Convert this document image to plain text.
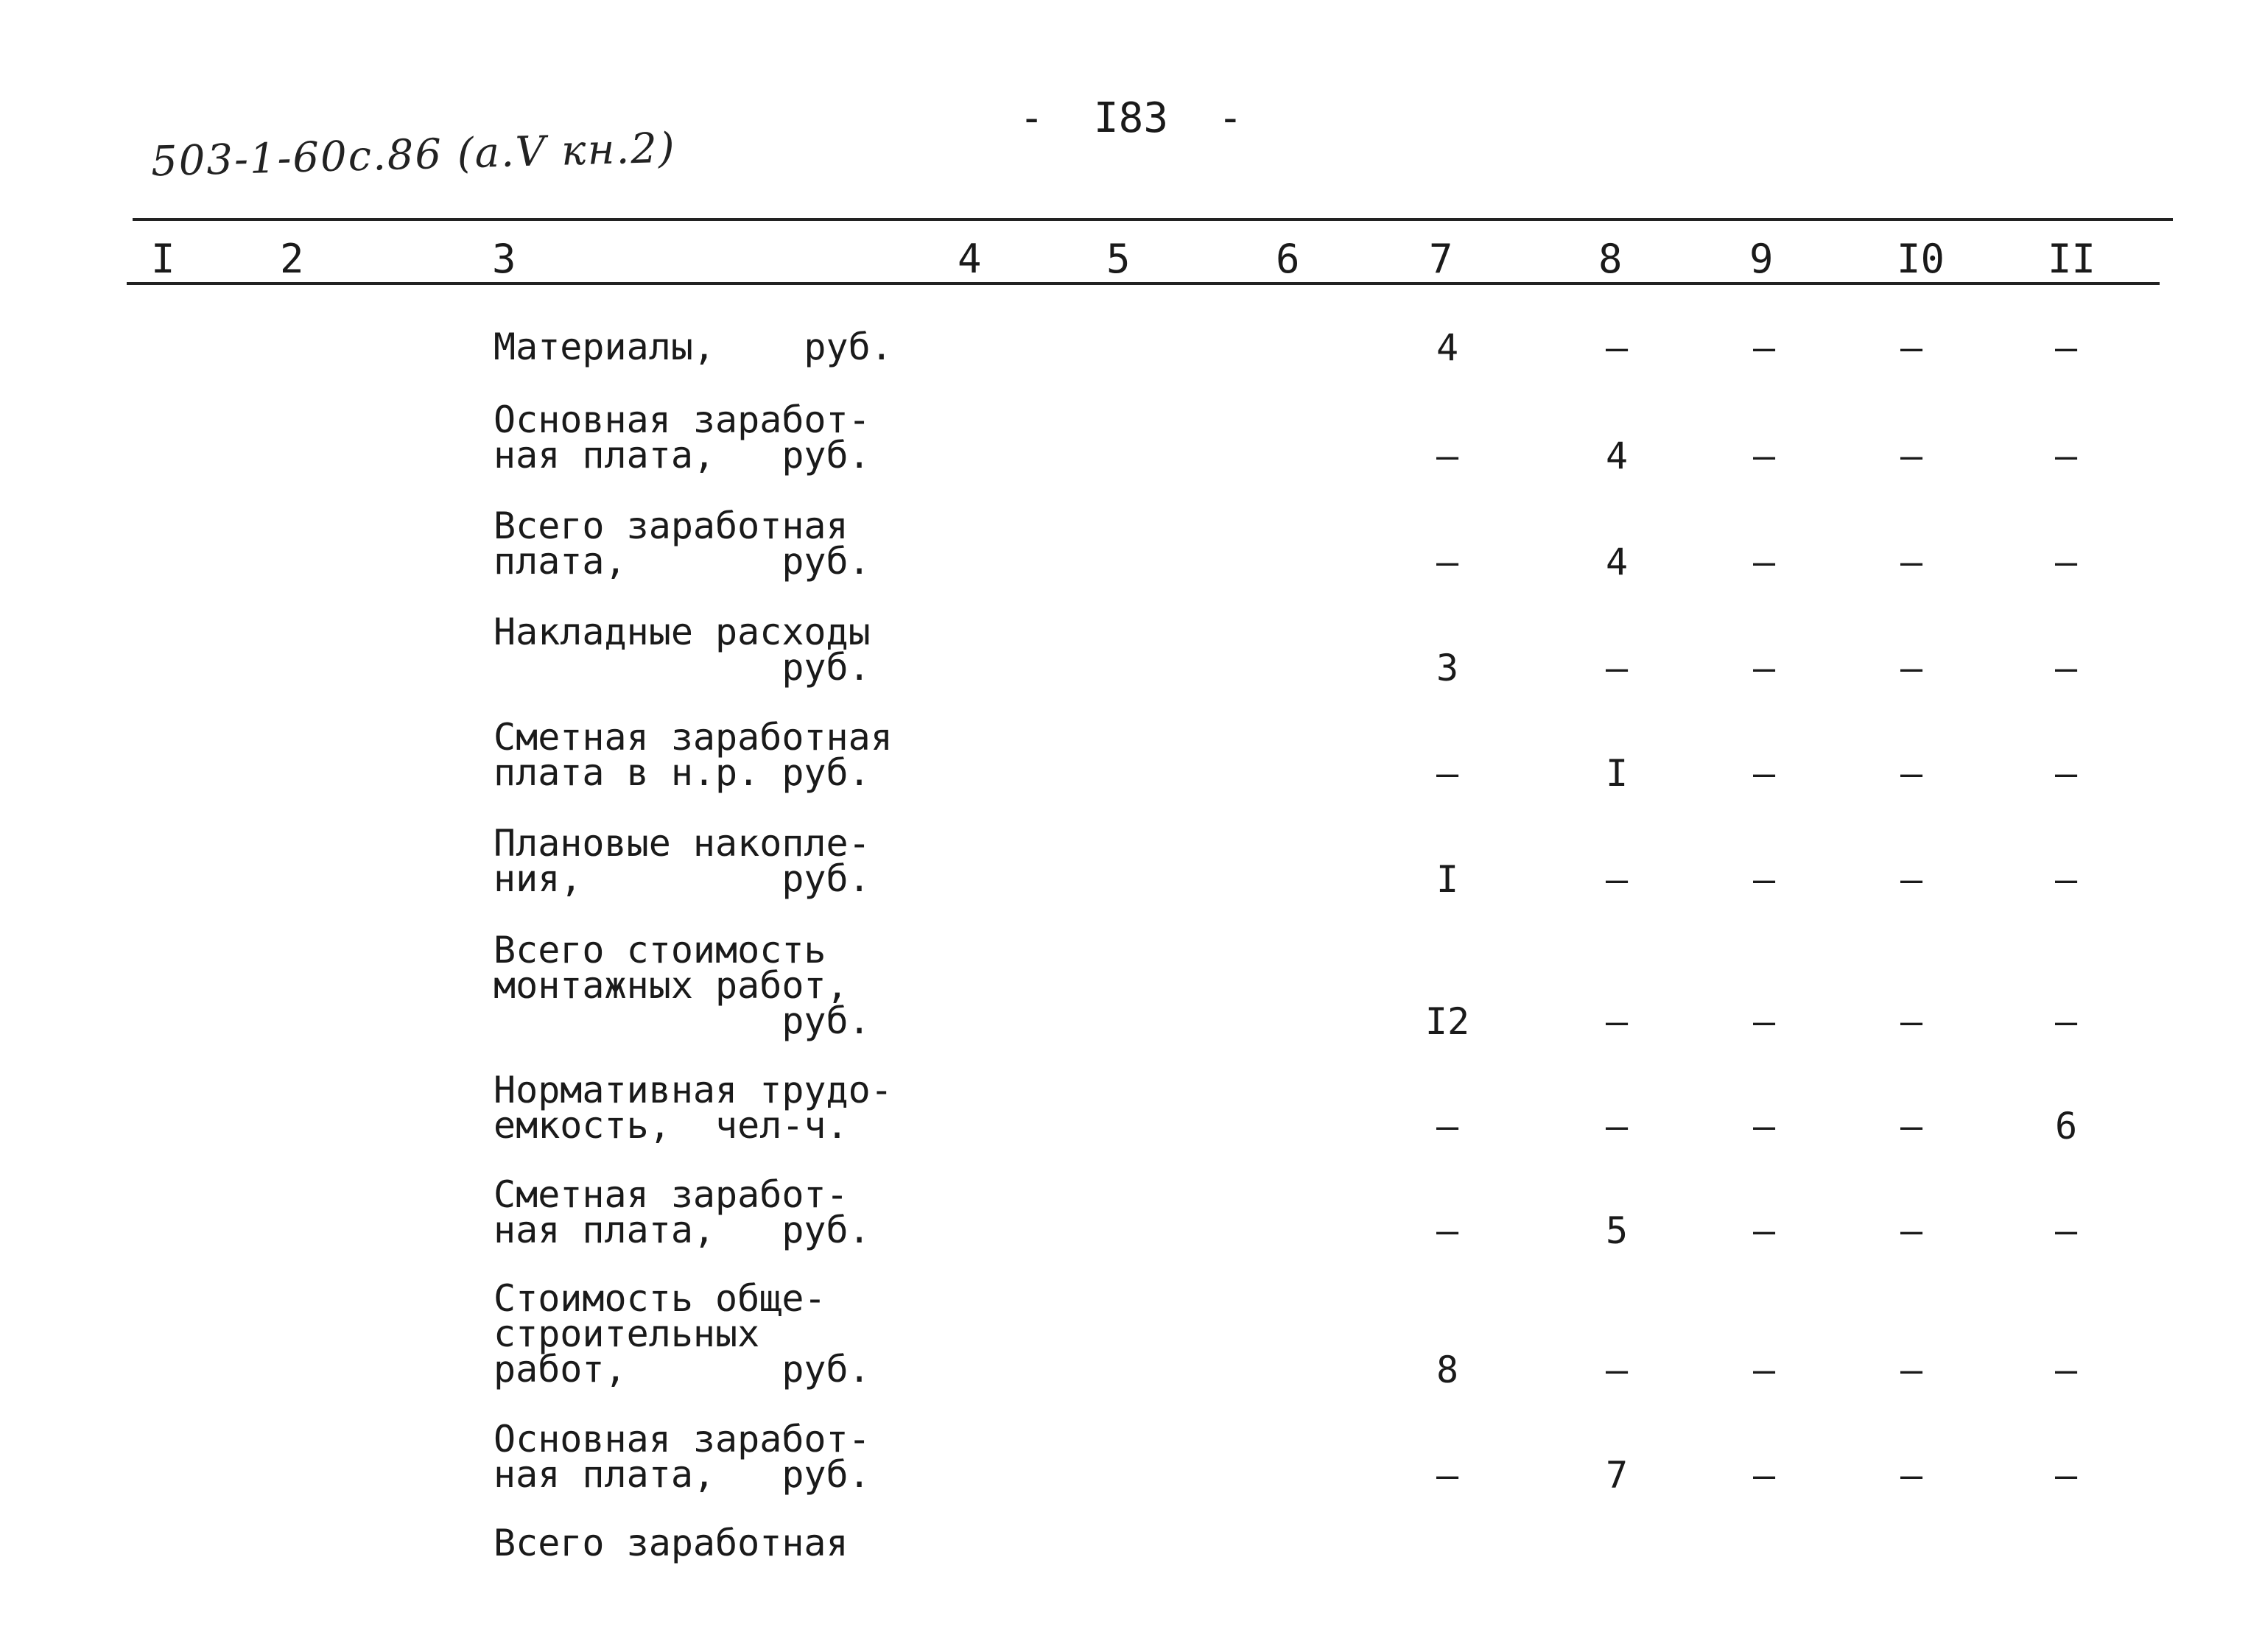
503-1-60с.86 (а.V кн.2)
-  I83  -
I	2	3	4	5	6	7	8	9	I0	II
Материалы,    руб.	4	–	–	–	–
Основная заработ-
ная плата,   руб.	–	4	–	–	–
Всего заработная
плата,       руб.	–	4	–	–	–
Накладные расходы
руб.	3	–	–	–	–
Сметная заработная
плата в н.р. руб.	–	I	–	–	–
Плановые накопле-
ния,         руб.	I	–	–	–	–
Всего стоимость
монтажных работ,
руб.	I2	–	–	–	–
Нормативная трудо-
емкость,  чел-ч.	–	–	–	–	6
Сметная заработ-
ная плата,   руб.	–	5	–	–	–
Стоимость обще-
строительных
работ,       руб.	8	–	–	–	–
Основная заработ-
ная плата,   руб.	–	7	–	–	–
Всего заработная
